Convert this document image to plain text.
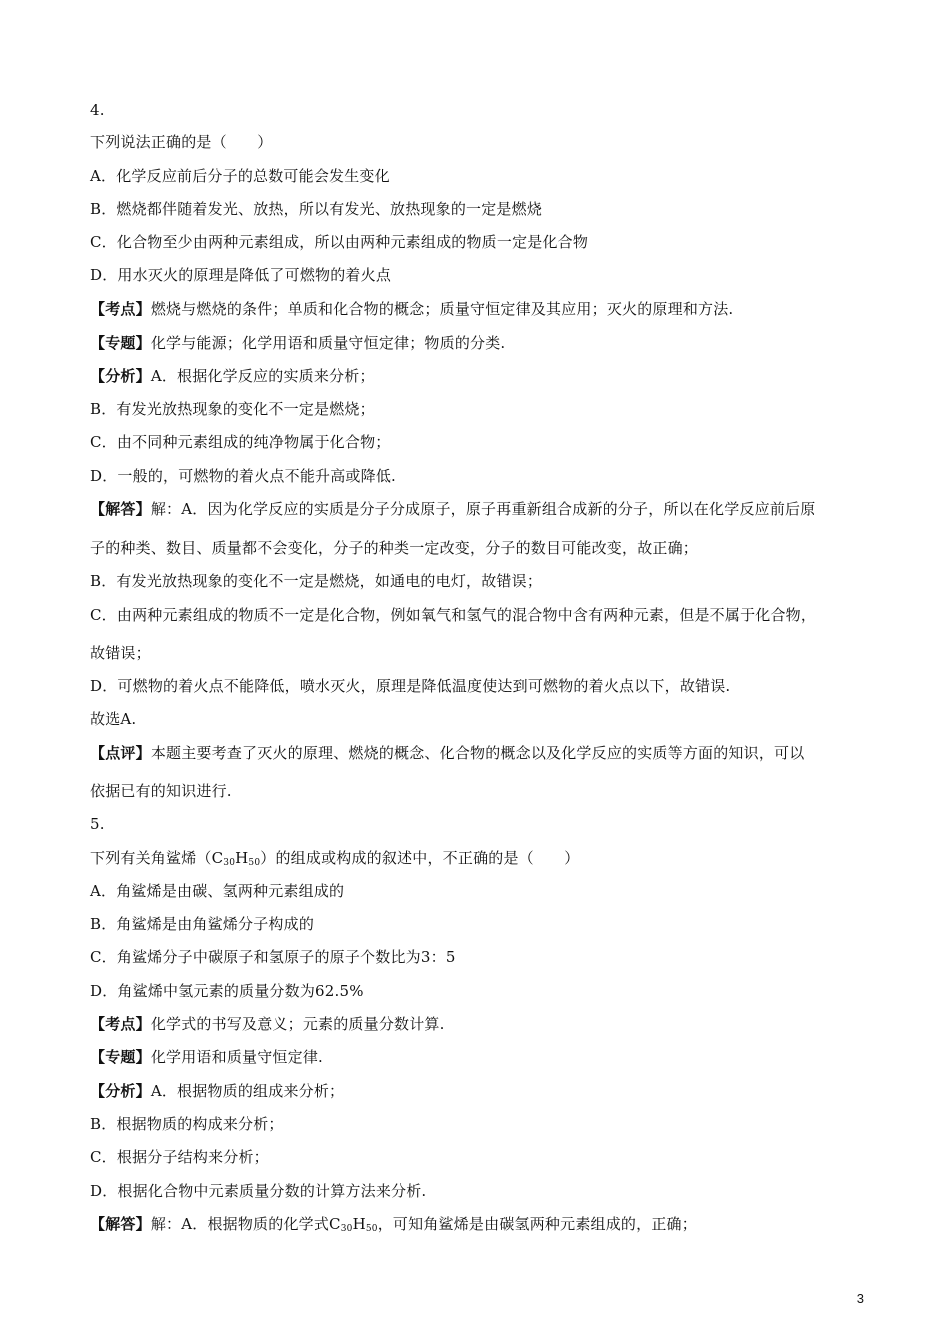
4.
下列说法正确的是（　　）
A．化学反应前后分子的总数可能会发生变化
B．燃烧都伴随着发光、放热，所以有发光、放热现象的一定是燃烧
C．化合物至少由两种元素组成，所以由两种元素组成的物质一定是化合物
D．用水灭火的原理是降低了可燃物的着火点
【考点】燃烧与燃烧的条件；单质和化合物的概念；质量守恒定律及其应用；灭火的原理和方法.
【专题】化学与能源；化学用语和质量守恒定律；物质的分类.
【分析】A．根据化学反应的实质来分析；
B．有发光放热现象的变化不一定是燃烧；
C．由不同种元素组成的纯净物属于化合物；
D．一般的，可燃物的着火点不能升高或降低.
【解答】解：A．因为化学反应的实质是分子分成原子，原子再重新组合成新的分子，所以在化学反应前后原
子的种类、数目、质量都不会变化，分子的种类一定改变，分子的数目可能改变，故正确；
B．有发光放热现象的变化不一定是燃烧，如通电的电灯，故错误；
C．由两种元素组成的物质不一定是化合物，例如氧气和氢气的混合物中含有两种元素，但是不属于化合物，
故错误；
D．可燃物的着火点不能降低，喷水灭火，原理是降低温度使达到可燃物的着火点以下，故错误.
故选A.
【点评】本题主要考查了灭火的原理、燃烧的概念、化合物的概念以及化学反应的实质等方面的知识，可以
依据已有的知识进行.
5.
下列有关角鲨烯$(C_{30}H_{50})$的组成或构成的叙述中，不正确的是（　　）
A．角鲨烯是由碳、氢两种元素组成的
B．角鲨烯是由角鲨烯分子构成的
C．角鲨烯分子中碳原子和氢原子的原子个数比为3：5
D．角鲨烯中氢元素的质量分数为62.5%
【考点】化学式的书写及意义；元素的质量分数计算.
【专题】化学用语和质量守恒定律.
【分析】A．根据物质的组成来分析；
B．根据物质的构成来分析；
C．根据分子结构来分析；
D．根据化合物中元素质量分数的计算方法来分析.
【解答】解：A．根据物质的化学式$C_{30}H_{50}$，可知角鲨烯是由碳氢两种元素组成的，正确；
3
